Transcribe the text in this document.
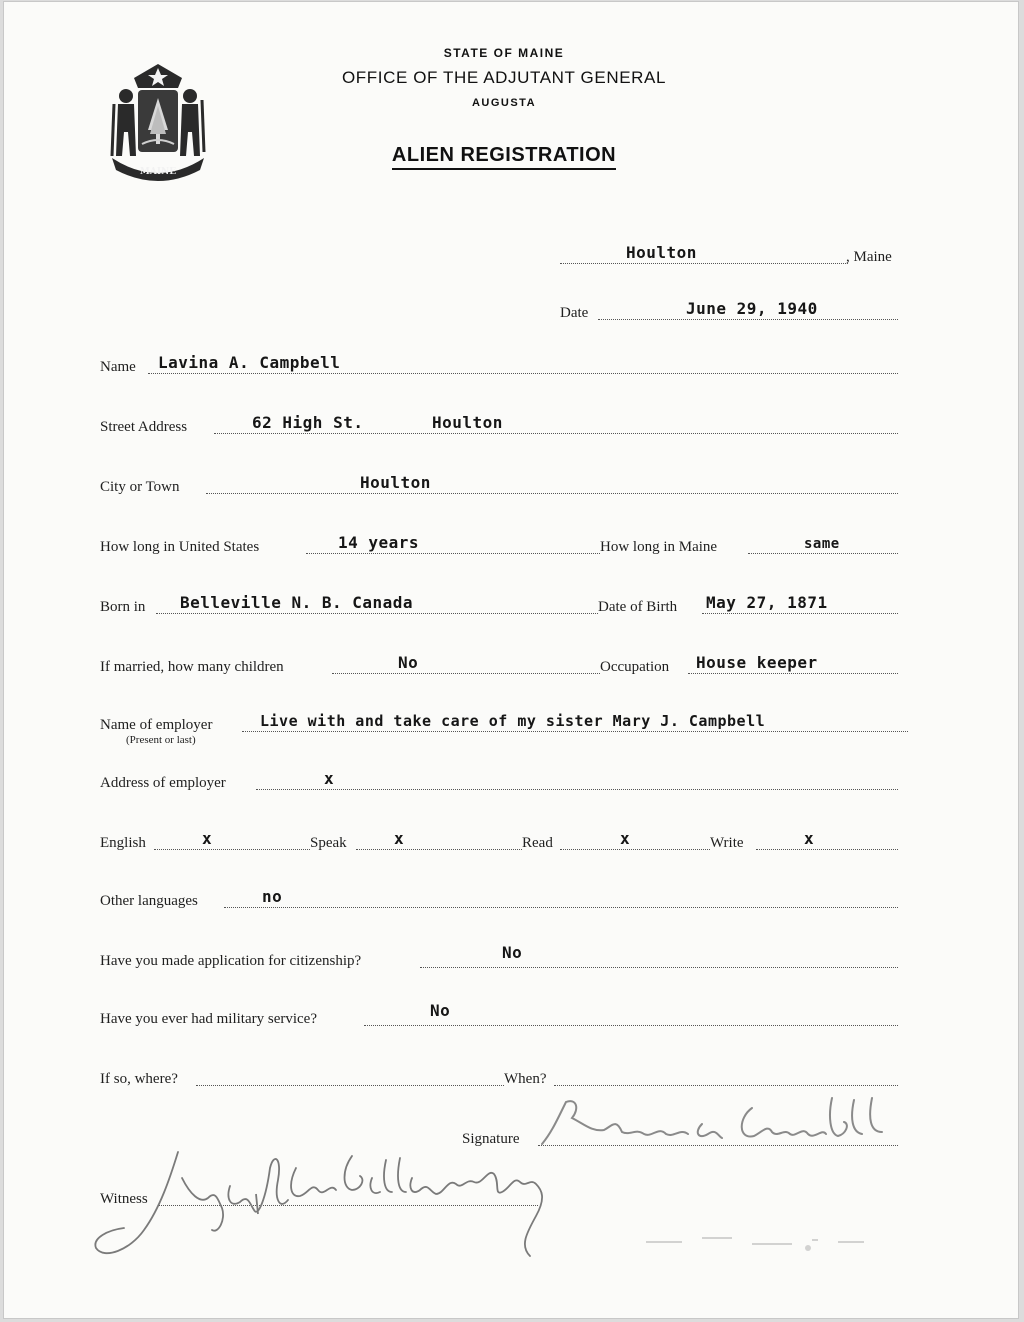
MAINE
STATE OF MAINE
OFFICE OF THE ADJUTANT GENERAL
AUGUSTA
ALIEN REGISTRATION
Houlton	, Maine
Date	June 29, 1940
Name Lavina A. Campbell
Street Address	62 High St.	Houlton
City or Town	Houlton
How long in United States	14 years	How long in Maine	same
Born in Belleville N. B. Canada	Date of Birth May 27, 1871
If married, how many children	No	Occupation House keeper
Name of employer	Live with and take care of my sister Mary J. Campbell
(Present or last)
Address of employer	x
English	x	Speak	x	Read	x	Write	x
Other languages	no
Have you made application for citizenship?	No
Have you ever had military service?	No
If so, where?	When?
Signature
Witness
